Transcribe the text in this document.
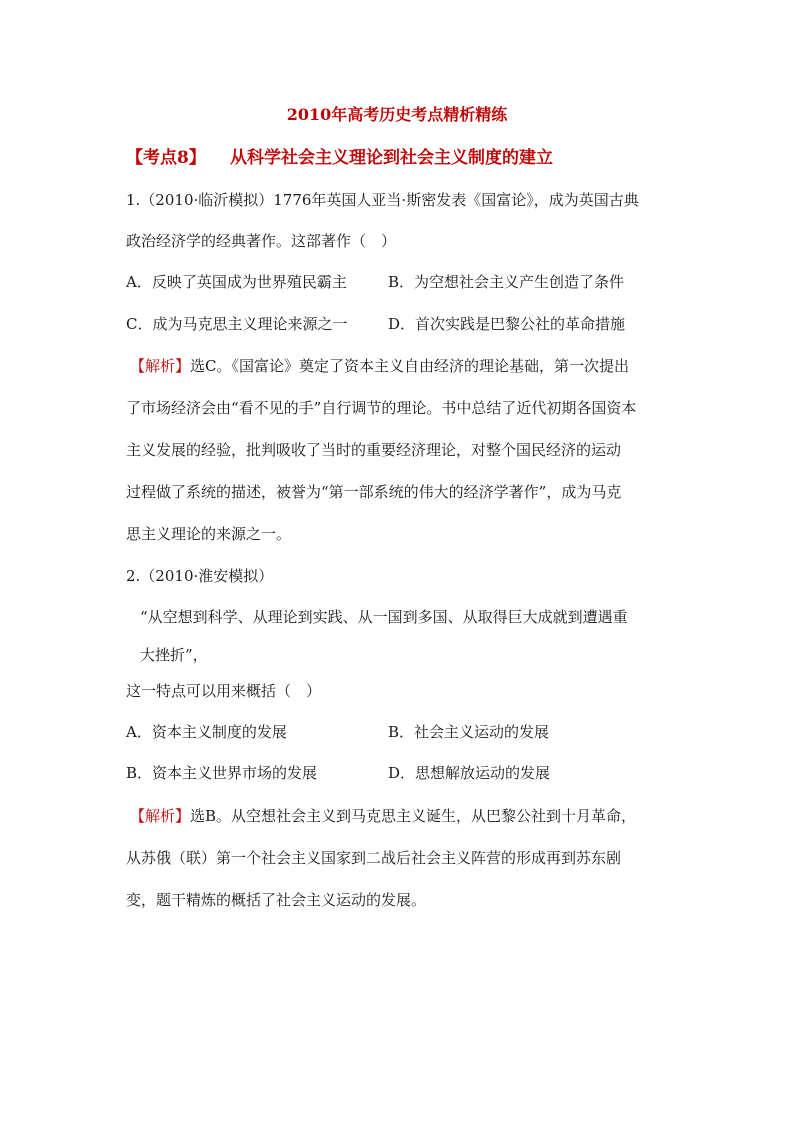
2010年高考历史考点精析精练
【考点8】 从科学社会主义理论到社会主义制度的建立
1.（2010·临沂模拟）1776年英国人亚当·斯密发表《国富论》，成为英国古典
政治经济学的经典著作。这部著作（　）
A．反映了英国成为世界殖民霸主	B．为空想社会主义产生创造了条件
C．成为马克思主义理论来源之一	D．首次实践是巴黎公社的革命措施
【解析】选C。《国富论》奠定了资本主义自由经济的理论基础，第一次提出
了市场经济会由“看不见的手”自行调节的理论。书中总结了近代初期各国资本
主义发展的经验，批判吸收了当时的重要经济理论，对整个国民经济的运动
过程做了系统的描述，被誉为“第一部系统的伟大的经济学著作”，成为马克
思主义理论的来源之一。
2.（2010·淮安模拟）
“从空想到科学、从理论到实践、从一国到多国、从取得巨大成就到遭遇重
大挫折”，
这一特点可以用来概括（　）
A．资本主义制度的发展	B．社会主义运动的发展
B．资本主义世界市场的发展	D．思想解放运动的发展
【解析】选B。从空想社会主义到马克思主义诞生，从巴黎公社到十月革命，
从苏俄（联）第一个社会主义国家到二战后社会主义阵营的形成再到苏东剧
变，题干精炼的概括了社会主义运动的发展。
